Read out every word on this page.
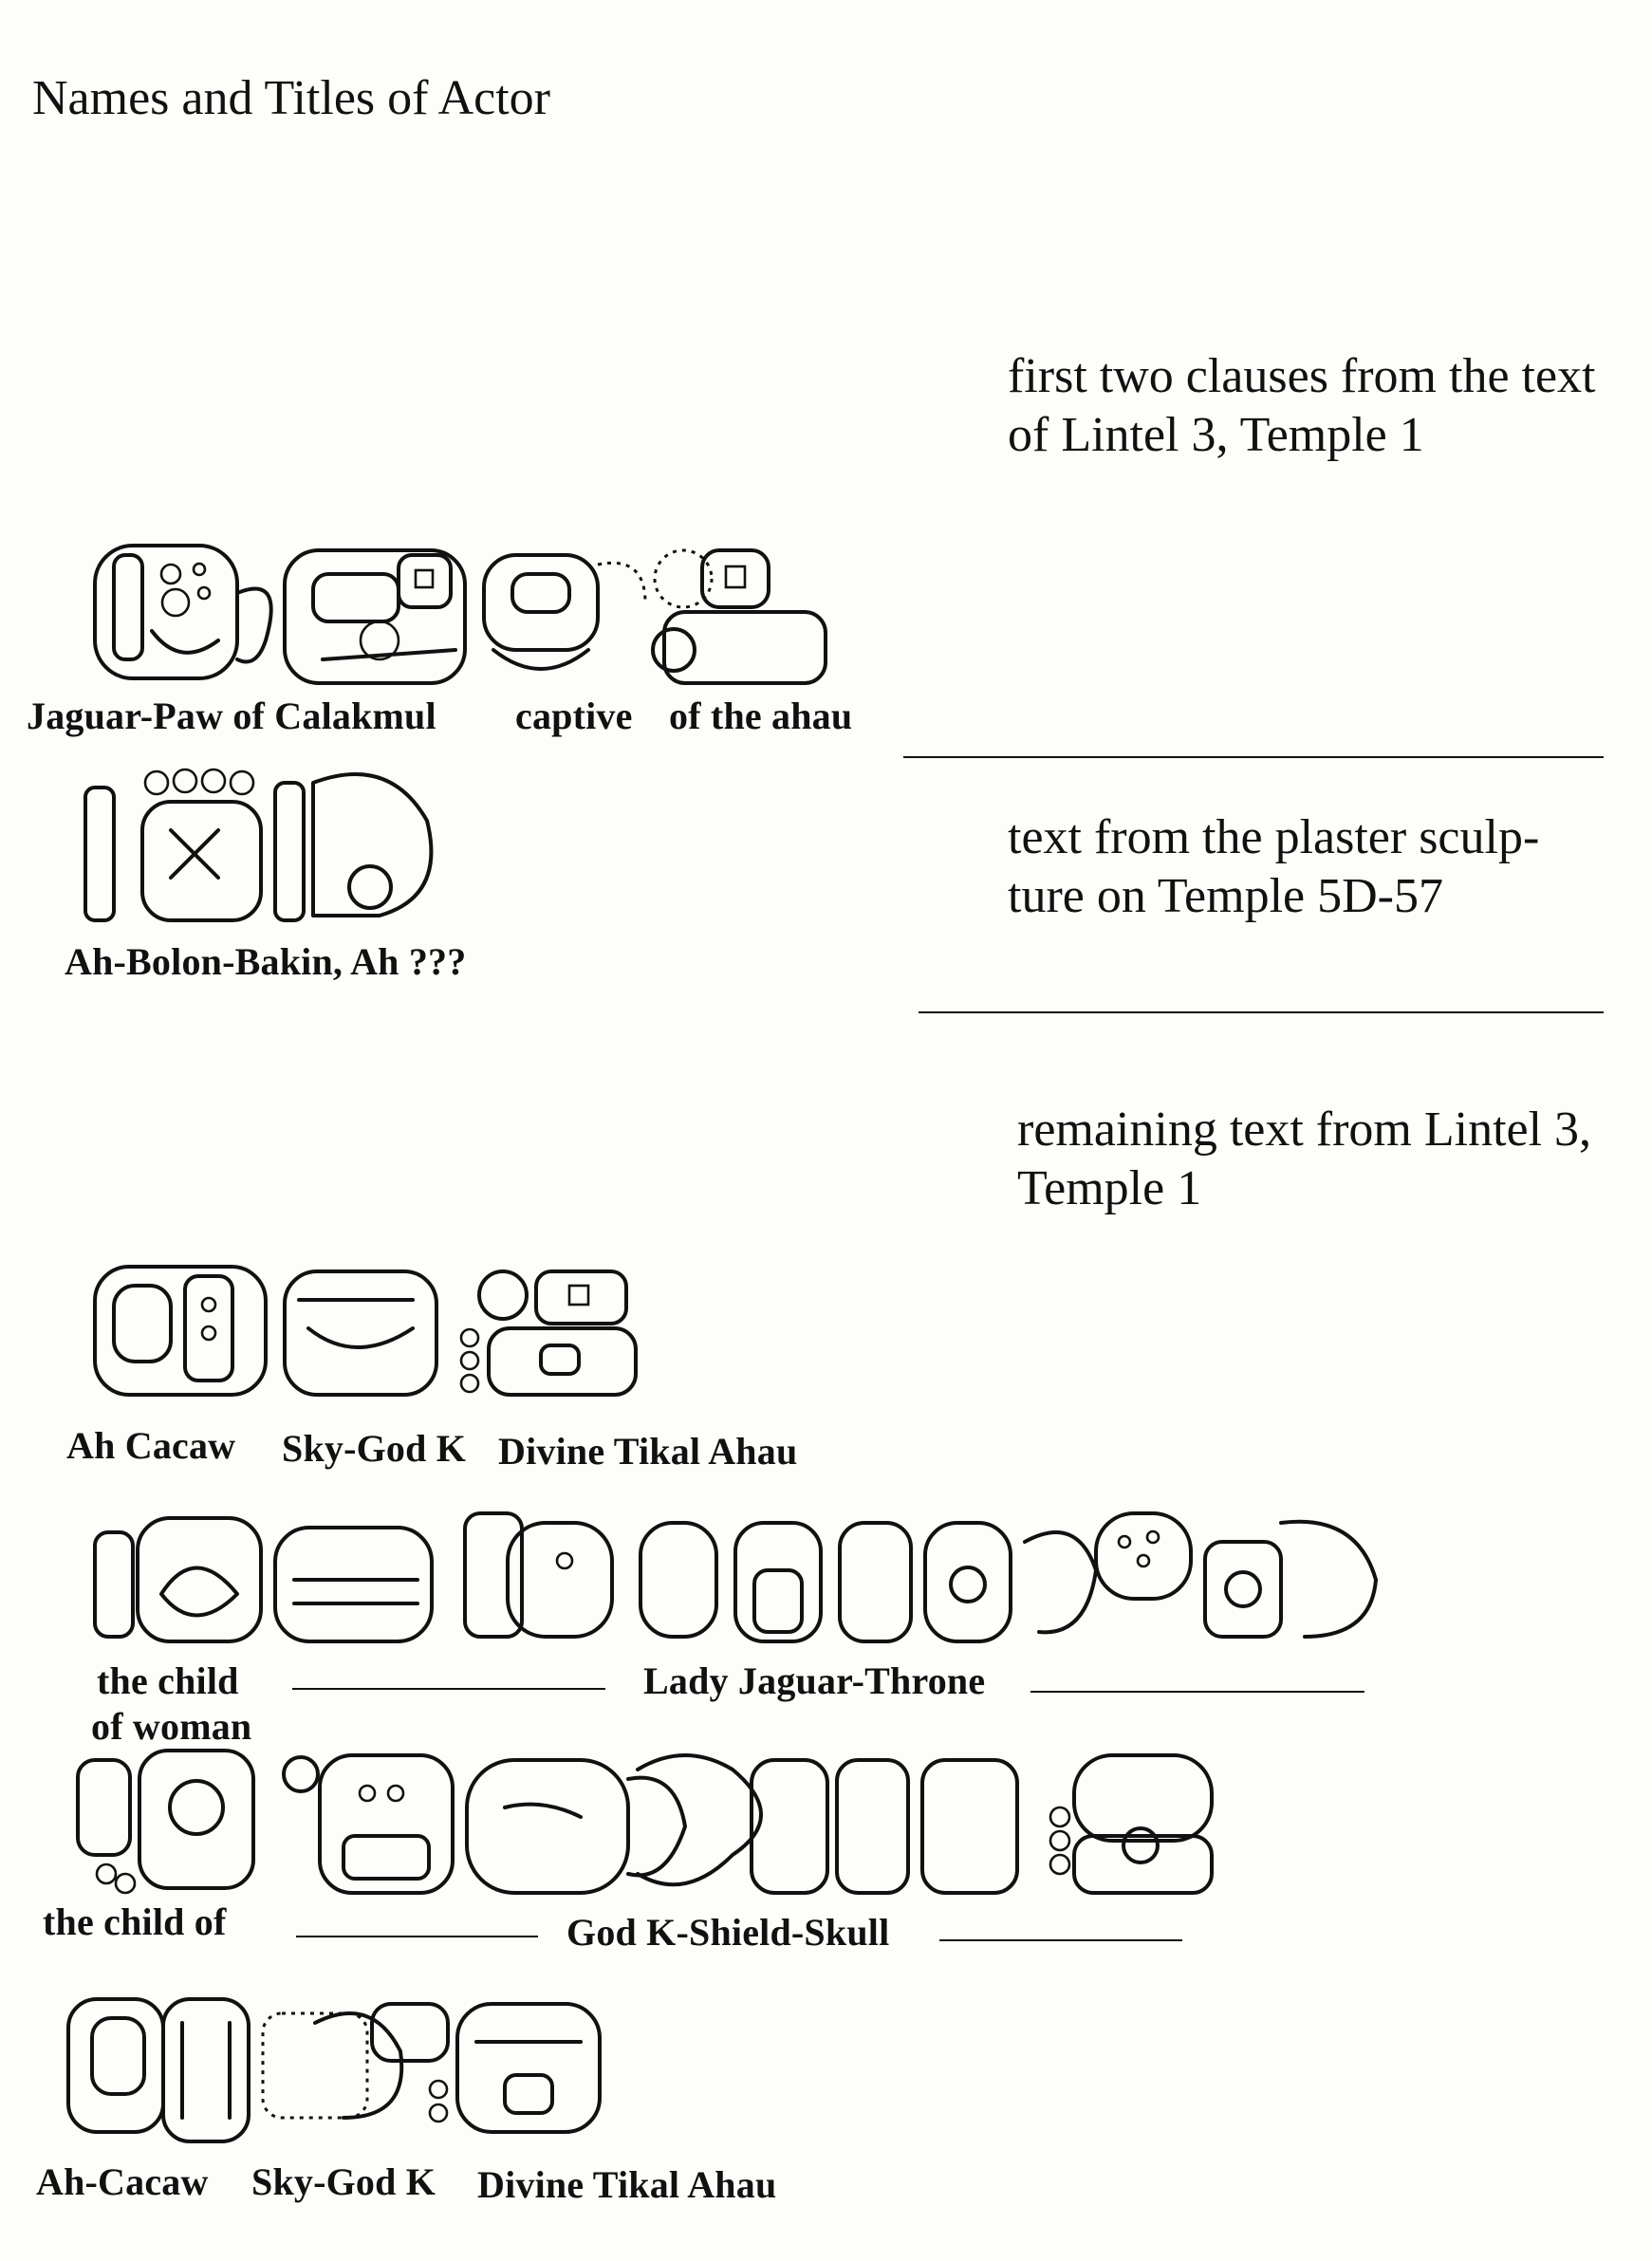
Names and Titles of Actor
first two clauses from the text of Lintel 3, Temple 1
text from the plaster sculp-ture on Temple 5D-57
remaining text from Lintel 3, Temple 1
Jaguar-Paw of Calakmul captive of the ahau
Ah-Bolon-Bakin, Ah ???
Ah Cacaw Sky-God K Divine Tikal Ahau
the child
of woman
Lady Jaguar-Throne
the child of	God K-Shield-Skull
Ah-Cacaw Sky-God K Divine Tikal Ahau
